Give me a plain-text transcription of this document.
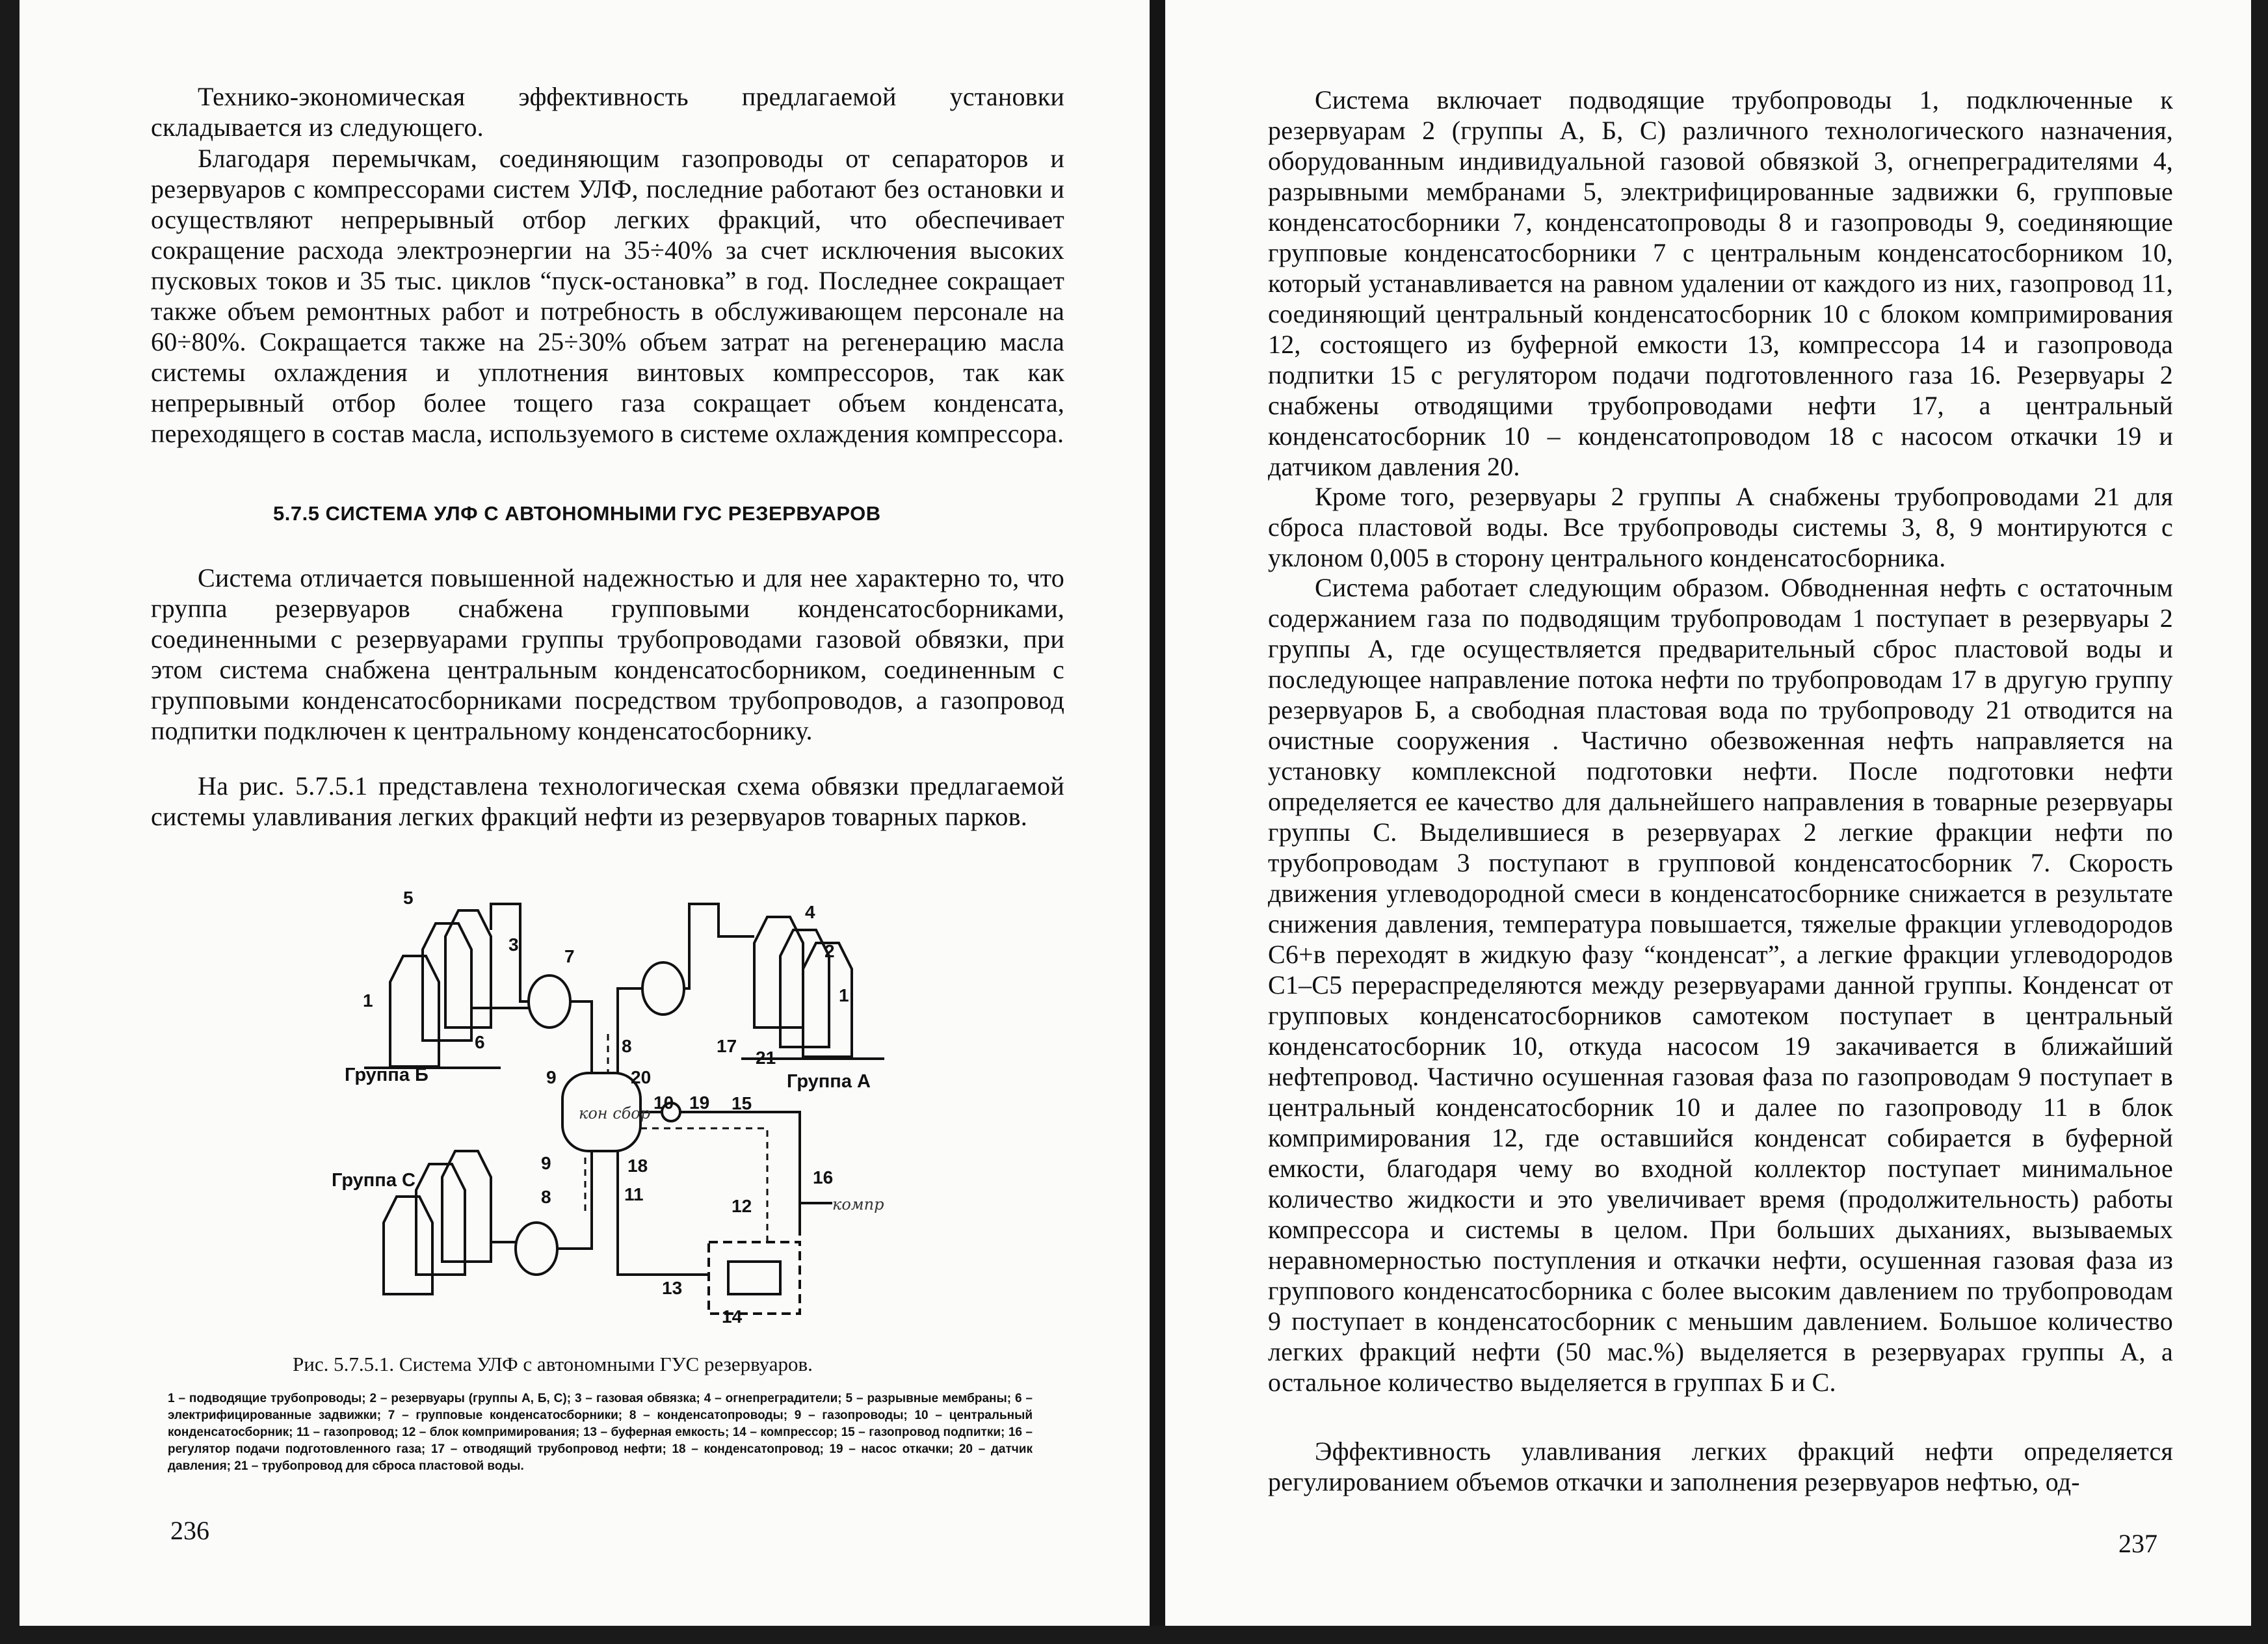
Технико-экономическая эффективность предлагаемой установки складывается из следующего.

Благодаря перемычкам, соединяющим газопроводы от сепараторов и резервуаров с компрессорами систем УЛФ, последние работают без остановки и осуществляют непрерывный отбор легких фракций, что обеспечивает сокращение расхода электроэнергии на 35÷40% за счет исключения высоких пусковых токов и 35 тыс. циклов “пуск-остановка” в год. Последнее сокращает также объем ремонтных работ и потребность в обслуживающем персонале на 60÷80%. Сокращается также на 25÷30% объем затрат на регенерацию масла системы охлаждения и уплотнения винтовых компрессоров, так как непрерывный отбор более тощего газа сокращает объем конденсата, переходящего в состав масла, используемого в системе охлаждения компрессора.

5.7.5 СИСТЕМА УЛФ С АВТОНОМНЫМИ ГУС РЕЗЕРВУАРОВ

Система отличается повышенной надежностью и для нее характерно то, что группа резервуаров снабжена групповыми конденсатосборниками, соединенными с резервуарами группы трубопроводами газовой обвязки, при этом система снабжена центральным конденсатосборником, соединенным с групповыми конденсатосборниками посредством трубопроводов, а газопровод подпитки подключен к центральному конденсатосборнику.

На рис. 5.7.5.1 представлена технологическая схема обвязки предлагаемой системы улавливания легких фракций нефти из резервуаров товарных парков.

5
3
7
1
6
4
2
1
8	17
21
9	20
10 19 15
18
9
16
11
8	12
13
14
Группа Б	Группа А
Группа С
кон сбор
компр

Рис. 5.7.5.1. Система УЛФ с автономными ГУС резервуаров.

1 – подводящие трубопроводы; 2 – резервуары (группы А, Б, С); 3 – газовая обвязка; 4 – огнепреградители; 5 – разрывные мембраны; 6 – электрифицированные задвижки; 7 – групповые конденсатосборники; 8 – конденсатопроводы; 9 – газопроводы; 10 – центральный конденсатосборник; 11 – газопровод; 12 – блок компримирования; 13 – буферная емкость; 14 – компрессор; 15 – газопровод подпитки; 16 – регулятор подачи подготовленного газа; 17 – отводящий трубопровод нефти; 18 – конденсатопровод; 19 – насос откачки; 20 – датчик давления; 21 – трубопровод для сброса пластовой воды.

236

Система включает подводящие трубопроводы 1, подключенные к резервуарам 2 (группы А, Б, С) различного технологического назначения, оборудованным индивидуальной газовой обвязкой 3, огнепреградителями 4, разрывными мембранами 5, электрифицированные задвижки 6, групповые конденсатосборники 7, конденсатопроводы 8 и газопроводы 9, соединяющие групповые конденсатосборники 7 с центральным конденсатосборником 10, который устанавливается на равном удалении от каждого из них, газопровод 11, соединяющий центральный конденсатосборник 10 с блоком компримирования 12, состоящего из буферной емкости 13, компрессора 14 и газопровода подпитки 15 с регулятором подачи подготовленного газа 16. Резервуары 2 снабжены отводящими трубопроводами нефти 17, а центральный конденсатосборник 10 – конденсатопроводом 18 с насосом откачки 19 и датчиком давления 20.

Кроме того, резервуары 2 группы А снабжены трубопроводами 21 для сброса пластовой воды. Все трубопроводы системы 3, 8, 9 монтируются с уклоном 0,005 в сторону центрального конденсатосборника.

Система работает следующим образом. Обводненная нефть с остаточным содержанием газа по подводящим трубопроводам 1 поступает в резервуары 2 группы А, где осуществляется предварительный сброс пластовой воды и последующее направление потока нефти по трубопроводам 17 в другую группу резервуаров Б, а свободная пластовая вода по трубопроводу 21 отводится на очистные сооружения . Частично обезвоженная нефть направляется на установку комплексной подготовки нефти. После подготовки нефти определяется ее качество для дальнейшего направления в товарные резервуары группы С. Выделившиеся в резервуарах 2 легкие фракции нефти по трубопроводам 3 поступают в групповой конденсатосборник 7. Скорость движения углеводородной смеси в конденсатосборнике снижается в результате снижения давления, температура повышается, тяжелые фракции углеводородов C6+в переходят в жидкую фазу “конденсат”, а легкие фракции углеводородов C1–C5 перераспределяются между резервуарами данной группы. Конденсат от групповых конденсатосборников самотеком поступает в центральный конденсатосборник 10, откуда насосом 19 закачивается в ближайший нефтепровод. Частично осушенная газовая фаза по газопроводам 9 поступает в центральный конденсатосборник 10 и далее по газопроводу 11 в блок компримирования 12, где оставшийся конденсат собирается в буферной емкости, благодаря чему во входной коллектор поступает минимальное количество жидкости и это увеличивает время (продолжительность) работы компрессора и системы в целом. При больших дыханиях, вызываемых неравномерностью поступления и откачки нефти, осушенная газовая фаза из группового конденсатосборника с более высоким давлением по трубопроводам 9 поступает в конденсатосборник с меньшим давлением. Большое количество легких фракций нефти (50 мас.%) выделяется в резервуарах группы А, а остальное количество выделяется в группах Б и С.

Эффективность улавливания легких фракций нефти определяется регулированием объемов откачки и заполнения резервуаров нефтью, од-

237
